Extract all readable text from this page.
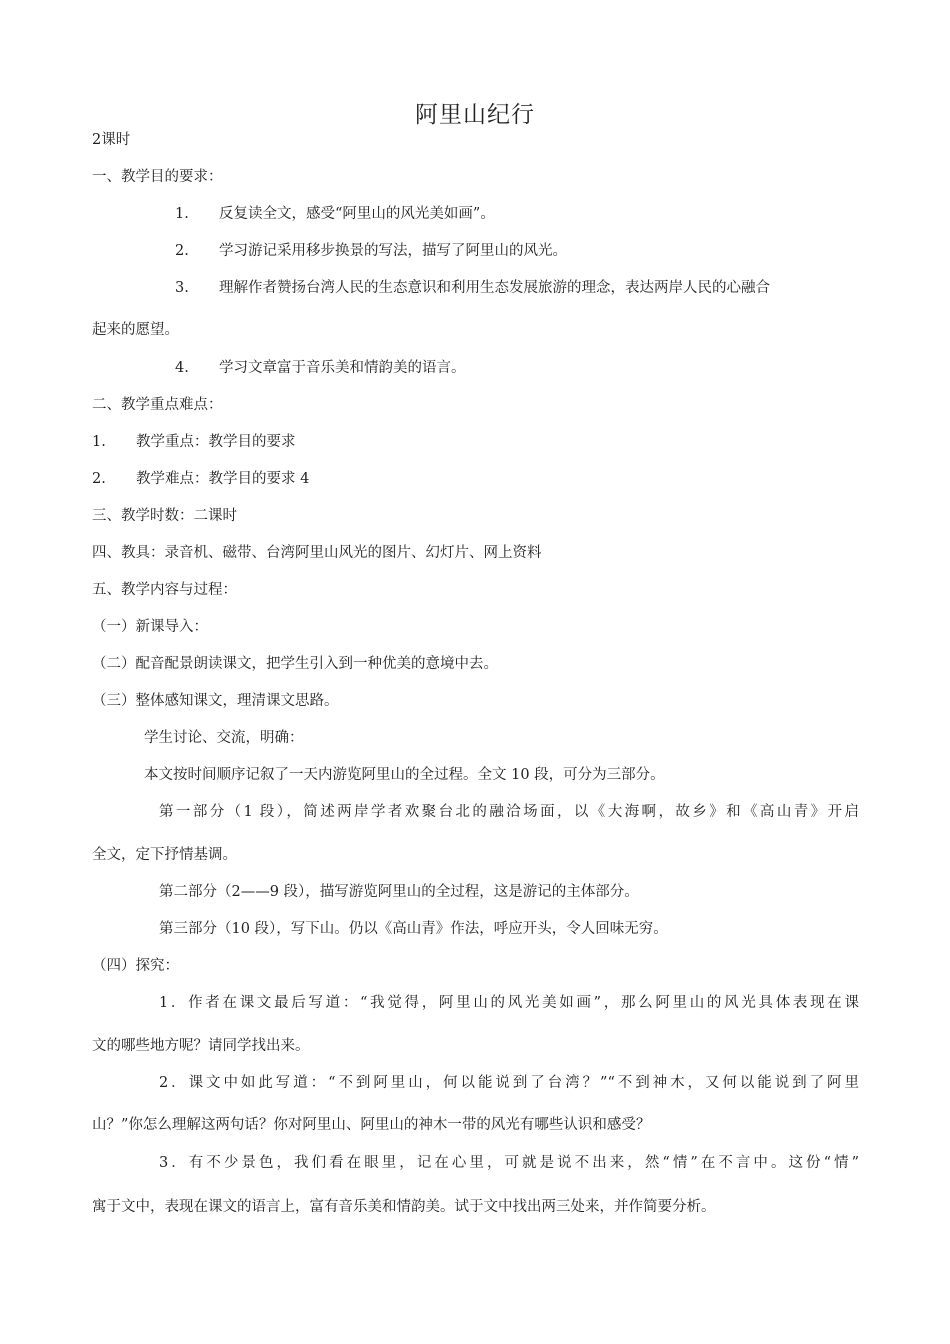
阿里山纪行
2课时
一、教学目的要求：
1. 反复读全文，感受“阿里山的风光美如画”。
2. 学习游记采用移步换景的写法，描写了阿里山的风光。
3. 理解作者赞扬台湾人民的生态意识和利用生态发展旅游的理念，表达两岸人民的心融合
起来的愿望。
4. 学习文章富于音乐美和情韵美的语言。
二、教学重点难点：
1. 教学重点：教学目的要求
2. 教学难点：教学目的要求 4
三、教学时数：二课时
四、教具：录音机、磁带、台湾阿里山风光的图片、幻灯片、网上资料
五、教学内容与过程：
（一）新课导入：
（二）配音配景朗读课文，把学生引入到一种优美的意境中去。
（三）整体感知课文，理清课文思路。
学生讨论、交流，明确：
本文按时间顺序记叙了一天内游览阿里山的全过程。全文 10 段，可分为三部分。
第一部分（1 段），简述两岸学者欢聚台北的融洽场面，以《大海啊，故乡》和《高山青》开启
全文，定下抒情基调。
第二部分（2——9 段），描写游览阿里山的全过程，这是游记的主体部分。
第三部分（10 段），写下山。仍以《高山青》作法，呼应开头，令人回味无穷。
（四）探究：
1．作者在课文最后写道：“我觉得，阿里山的风光美如画”，那么阿里山的风光具体表现在课
文的哪些地方呢？请同学找出来。
2．课文中如此写道：“不到阿里山，何以能说到了台湾？”“不到神木，又何以能说到了阿里
山？”你怎么理解这两句话？你对阿里山、阿里山的神木一带的风光有哪些认识和感受？
3．有不少景色，我们看在眼里，记在心里，可就是说不出来，然“情”在不言中。这份“情”
寓于文中，表现在课文的语言上，富有音乐美和情韵美。试于文中找出两三处来，并作简要分析。
